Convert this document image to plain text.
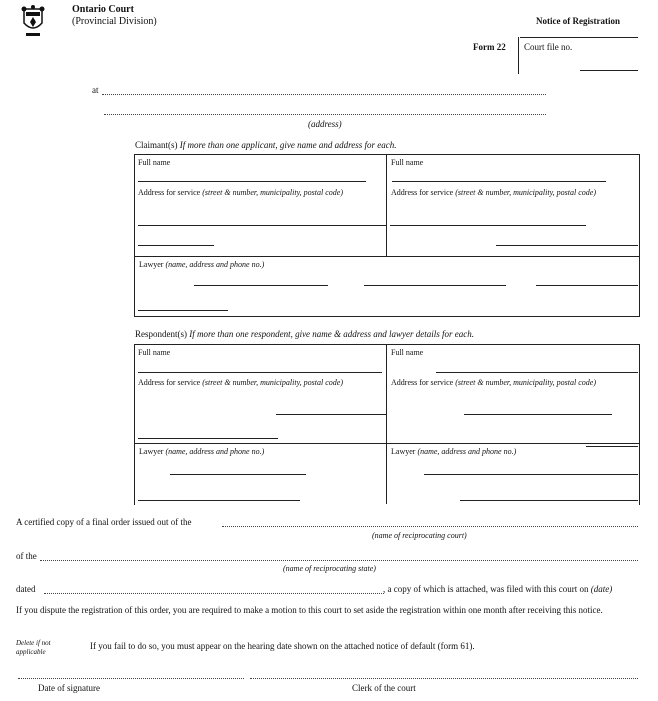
Ontario Court
(Provincial Division)	Notice of Registration
Form 22 Court file no.
at
(address)
Claimant(s) If more than one applicant, give name and address for each.
Full name
Address for service (street & number, municipality, postal code)
Full name
Address for service (street & number, municipality, postal code)
Lawyer (name, address and phone no.)
Respondent(s) If more than one respondent, give name & address and lawyer details for each.
Full name
Address for service (street & number, municipality, postal code)
Full name
Address for service (street & number, municipality, postal code)
Lawyer (name, address and phone no.)	Lawyer (name, address and phone no.)
A certified copy of a final order issued out of the
(name of reciprocating court)
of the
(name of reciprocating state)
dated	, a copy of which is attached, was filed with this court on (date)
If you dispute the registration of this order, you are required to make a motion to this court to set aside the registration within one month after receiving this notice.
Delete if not applicable
If you fail to do so, you must appear on the hearing date shown on the attached notice of default (form 61).
Date of signature	Clerk of the court
